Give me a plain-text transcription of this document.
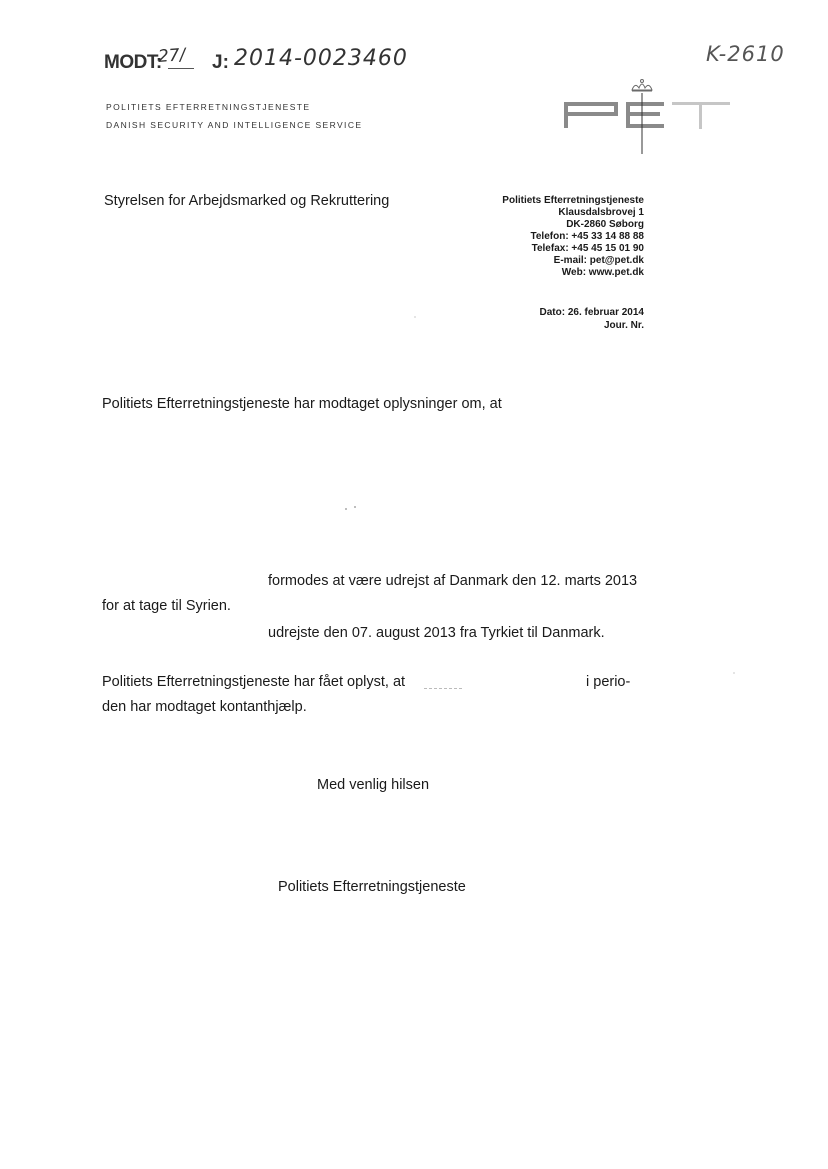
MODT:
27/ J: 2014-0023460	K-2610
POLITIETS EFTERRETNINGSTJENESTE
DANISH SECURITY AND INTELLIGENCE SERVICE
Styrelsen for Arbejdsmarked og Rekruttering	Politiets Efterretningstjeneste
Klausdalsbrovej 1
DK-2860 Søborg
Telefon: +45 33 14 88 88
Telefax: +45 45 15 01 90
E-mail: pet@pet.dk
Web: www.pet.dk
Dato: 26. februar 2014
Jour. Nr.
Politiets Efterretningstjeneste har modtaget oplysninger om, at
formodes at være udrejst af Danmark den 12. marts 2013
for at tage til Syrien.
udrejste den 07. august 2013 fra Tyrkiet til Danmark.
Politiets Efterretningstjeneste har fået oplyst, at	i perio-
den har modtaget kontanthjælp.
Med venlig hilsen
Politiets Efterretningstjeneste
